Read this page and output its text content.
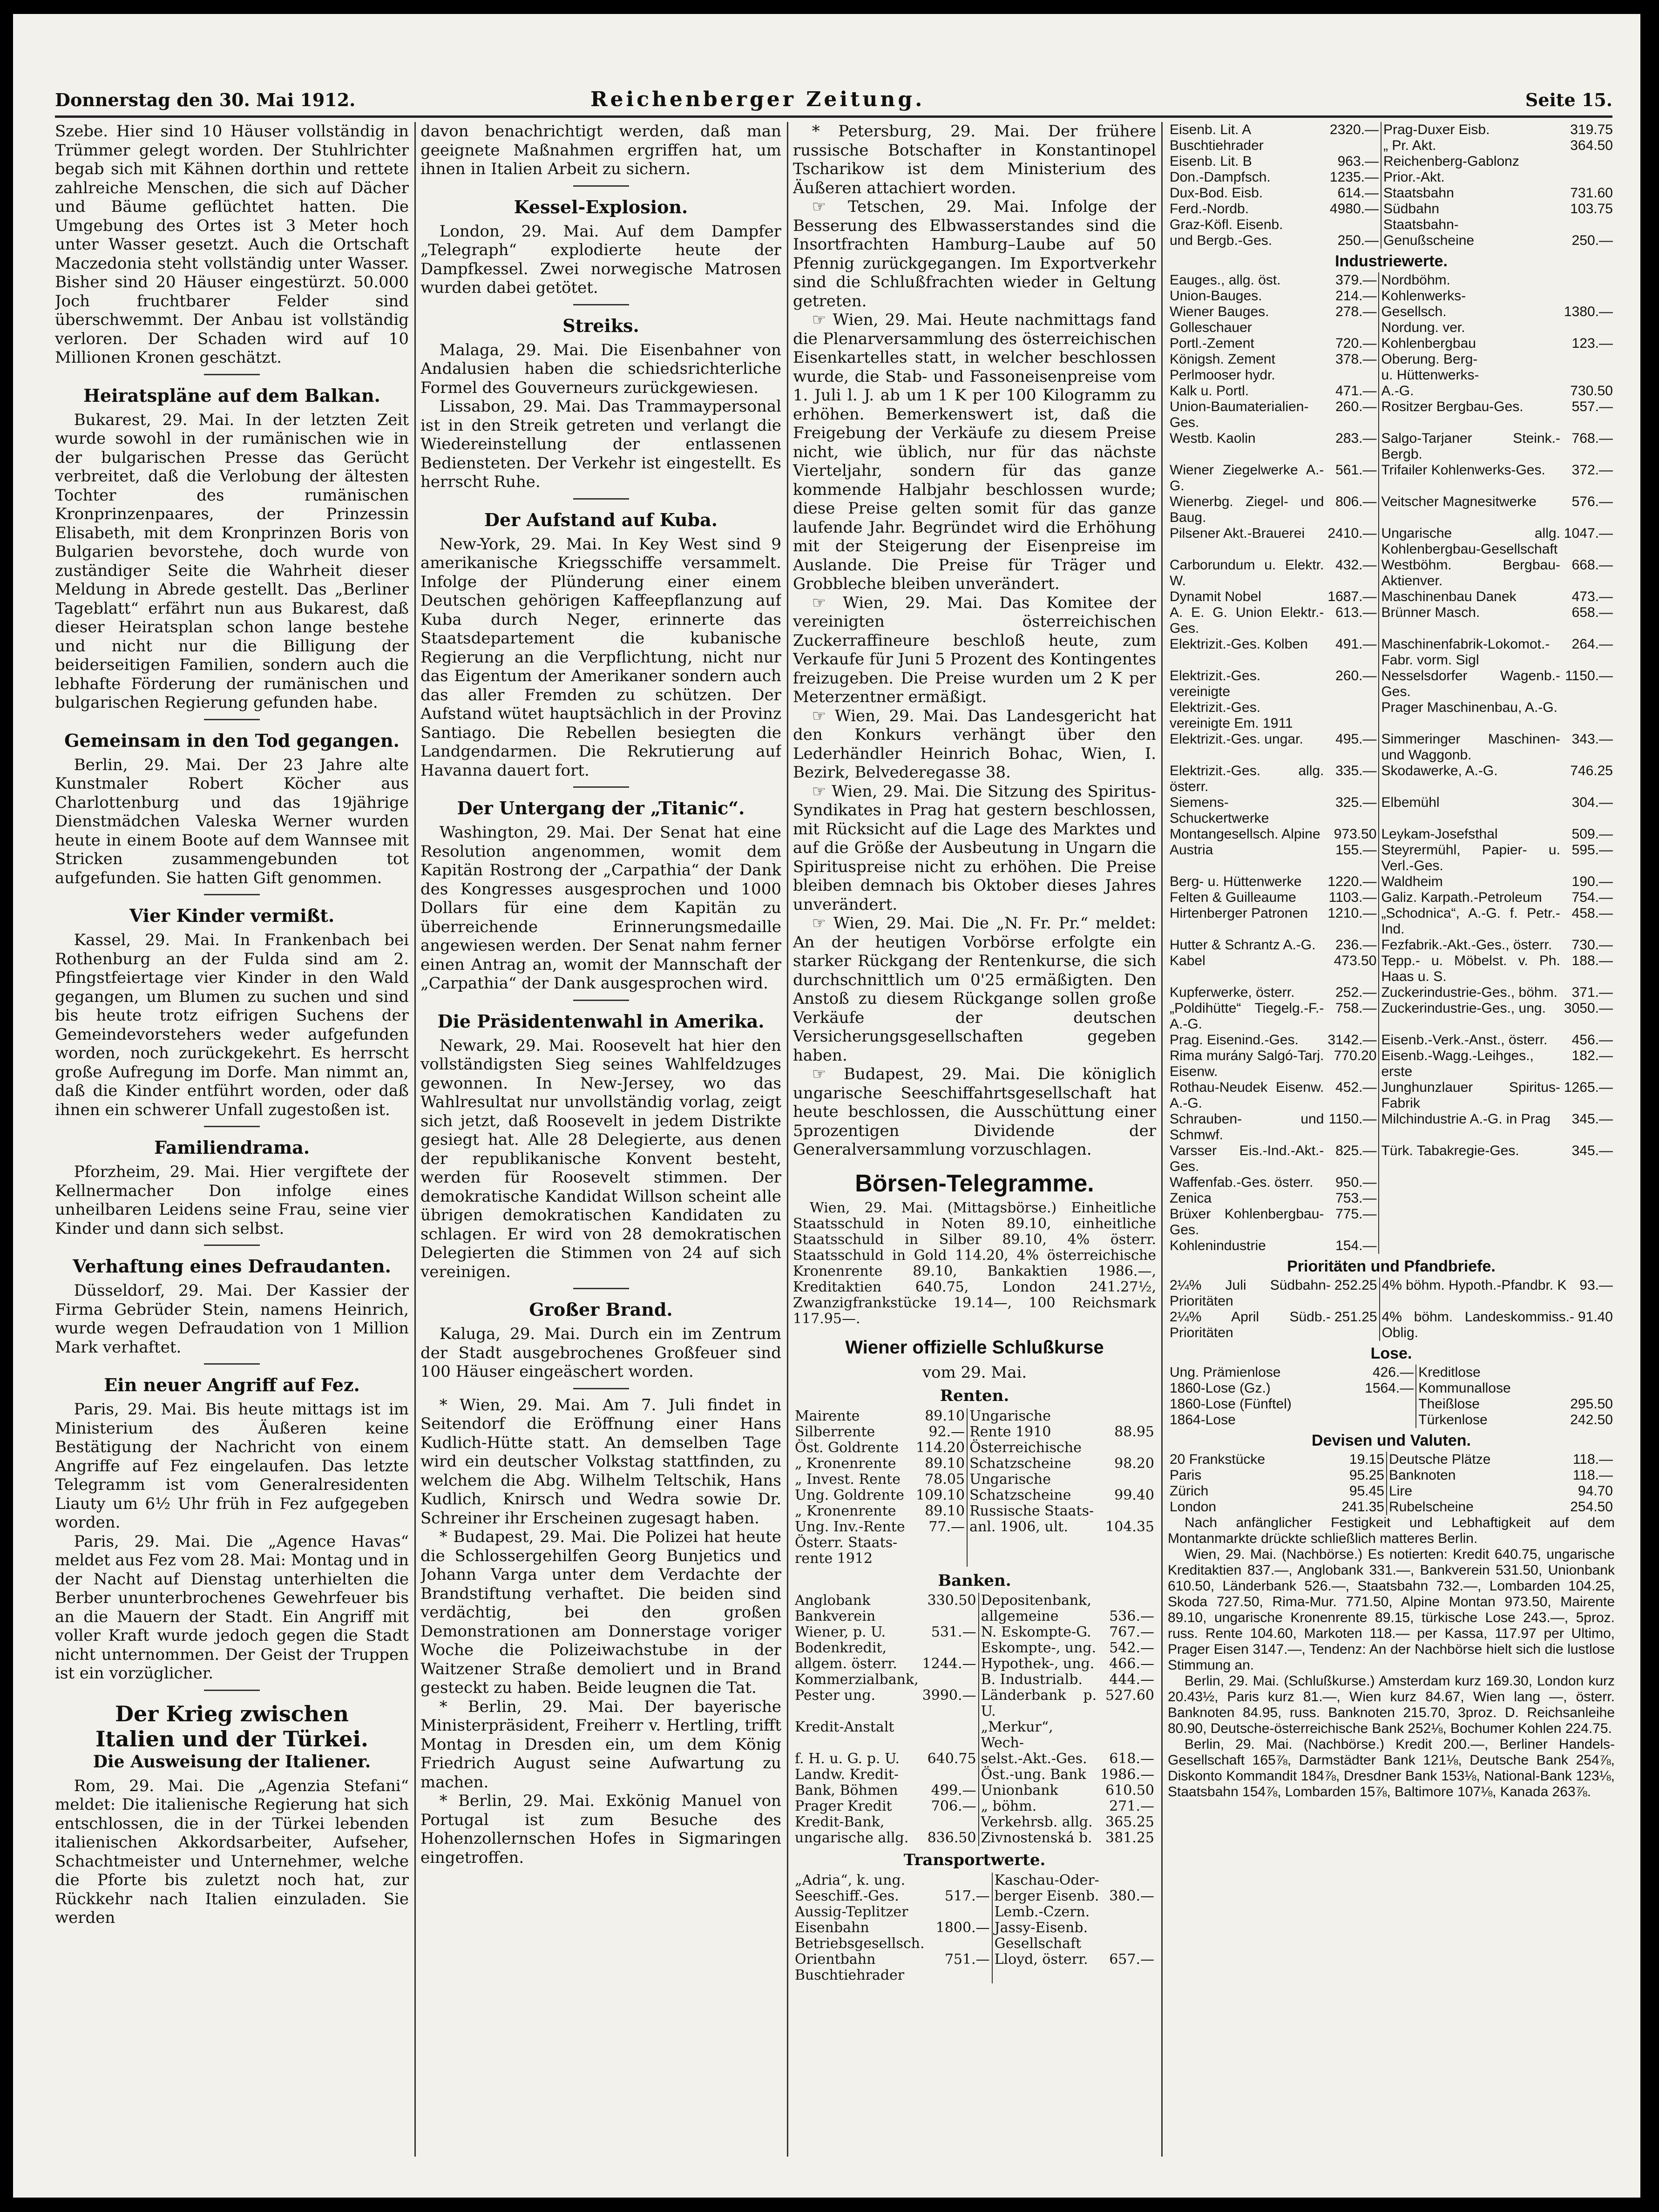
Donnerstag den 30. Mai 1912.	Reichenberger Zeitung.	Seite 15.

Szebe. Hier sind 10 Häuser vollständig in Trümmer gelegt worden. Der Stuhlrichter begab sich mit Kähnen dorthin und rettete zahlreiche Menschen, die sich auf Dächer und Bäume geflüchtet hatten. Die Umgebung des Ortes ist 3 Meter hoch unter Wasser gesetzt. Auch die Ortschaft Maczedonia steht vollständig unter Wasser. Bisher sind 20 Häuser eingestürzt. 50.000 Joch fruchtbarer Felder sind überschwemmt. Der Anbau ist vollständig verloren. Der Schaden wird auf 10 Millionen Kronen geschätzt.

Heiratspläne auf dem Balkan.

Bukarest, 29. Mai. In der letzten Zeit wurde sowohl in der rumänischen wie in der bulgarischen Presse das Gerücht verbreitet, daß die Verlobung der ältesten Tochter des rumänischen Kronprinzenpaares, der Prinzessin Elisabeth, mit dem Kronprinzen Boris von Bulgarien bevorstehe, doch wurde von zuständiger Seite die Wahrheit dieser Meldung in Abrede gestellt. Das „Berliner Tageblatt“ erfährt nun aus Bukarest, daß dieser Heiratsplan schon lange bestehe und nicht nur die Billigung der beiderseitigen Familien, sondern auch die lebhafte Förderung der rumänischen und bulgarischen Regierung gefunden habe.

Gemeinsam in den Tod gegangen.

Berlin, 29. Mai. Der 23 Jahre alte Kunstmaler Robert Köcher aus Charlottenburg und das 19jährige Dienstmädchen Valeska Werner wurden heute in einem Boote auf dem Wannsee mit Stricken zusammengebunden tot aufgefunden. Sie hatten Gift genommen.

Vier Kinder vermißt.

Kassel, 29. Mai. In Frankenbach bei Rothenburg an der Fulda sind am 2. Pfingstfeiertage vier Kinder in den Wald gegangen, um Blumen zu suchen und sind bis heute trotz eifrigen Suchens der Gemeindevorstehers weder aufgefunden worden, noch zurückgekehrt. Es herrscht große Aufregung im Dorfe. Man nimmt an, daß die Kinder entführt worden, oder daß ihnen ein schwerer Unfall zugestoßen ist.

Familiendrama.

Pforzheim, 29. Mai. Hier vergiftete der Kellnermacher Don infolge eines unheilbaren Leidens seine Frau, seine vier Kinder und dann sich selbst.

Verhaftung eines Defraudanten.

Düsseldorf, 29. Mai. Der Kassier der Firma Gebrüder Stein, namens Heinrich, wurde wegen Defraudation von 1 Million Mark verhaftet.

Ein neuer Angriff auf Fez.

Paris, 29. Mai. Bis heute mittags ist im Ministerium des Äußeren keine Bestätigung der Nachricht von einem Angriffe auf Fez eingelaufen. Das letzte Telegramm ist vom Generalresidenten Liauty um 6½ Uhr früh in Fez aufgegeben worden.

Paris, 29. Mai. Die „Agence Havas“ meldet aus Fez vom 28. Mai: Montag und in der Nacht auf Dienstag unterhielten die Berber ununterbrochenes Gewehrfeuer bis an die Mauern der Stadt. Ein Angriff mit voller Kraft wurde jedoch gegen die Stadt nicht unternommen. Der Geist der Truppen ist ein vorzüglicher.

Der Krieg zwischen
Italien und der Türkei.
Die Ausweisung der Italiener.

Rom, 29. Mai. Die „Agenzia Stefani“ meldet: Die italienische Regierung hat sich entschlossen, die in der Türkei lebenden italienischen Akkordsarbeiter, Aufseher, Schachtmeister und Unternehmer, welche die Pforte bis zuletzt noch hat, zur Rückkehr nach Italien einzuladen. Sie werden

davon benachrichtigt werden, daß man geeignete Maßnahmen ergriffen hat, um ihnen in Italien Arbeit zu sichern.

Kessel-Explosion.

London, 29. Mai. Auf dem Dampfer „Telegraph“ explodierte heute der Dampfkessel. Zwei norwegische Matrosen wurden dabei getötet.

Streiks.

Malaga, 29. Mai. Die Eisenbahner von Andalusien haben die schiedsrichterliche Formel des Gouverneurs zurückgewiesen.

Lissabon, 29. Mai. Das Trammaypersonal ist in den Streik getreten und verlangt die Wiedereinstellung der entlassenen Bediensteten. Der Verkehr ist eingestellt. Es herrscht Ruhe.

Der Aufstand auf Kuba.

New-York, 29. Mai. In Key West sind 9 amerikanische Kriegsschiffe versammelt. Infolge der Plünderung einer einem Deutschen gehörigen Kaffeepflanzung auf Kuba durch Neger, erinnerte das Staatsdepartement die kubanische Regierung an die Verpflichtung, nicht nur das Eigentum der Amerikaner sondern auch das aller Fremden zu schützen. Der Aufstand wütet hauptsächlich in der Provinz Santiago. Die Rebellen besiegten die Landgendarmen. Die Rekrutierung auf Havanna dauert fort.

Der Untergang der „Titanic“.

Washington, 29. Mai. Der Senat hat eine Resolution angenommen, womit dem Kapitän Rostrong der „Carpathia“ der Dank des Kongresses ausgesprochen und 1000 Dollars für eine dem Kapitän zu überreichende Erinnerungsmedaille angewiesen werden. Der Senat nahm ferner einen Antrag an, womit der Mannschaft der „Carpathia“ der Dank ausgesprochen wird.

Die Präsidentenwahl in Amerika.

Newark, 29. Mai. Roosevelt hat hier den vollständigsten Sieg seines Wahlfeldzuges gewonnen. In New-Jersey, wo das Wahlresultat nur unvollständig vorlag, zeigt sich jetzt, daß Roosevelt in jedem Distrikte gesiegt hat. Alle 28 Delegierte, aus denen der republikanische Konvent besteht, werden für Roosevelt stimmen. Der demokratische Kandidat Willson scheint alle übrigen demokratischen Kandidaten zu schlagen. Er wird von 28 demokratischen Delegierten die Stimmen von 24 auf sich vereinigen.

Großer Brand.

Kaluga, 29. Mai. Durch ein im Zentrum der Stadt ausgebrochenes Großfeuer sind 100 Häuser eingeäschert worden.

* Wien, 29. Mai. Am 7. Juli findet in Seitendorf die Eröffnung einer Hans Kudlich-Hütte statt. An demselben Tage wird ein deutscher Volkstag stattfinden, zu welchem die Abg. Wilhelm Teltschik, Hans Kudlich, Knirsch und Wedra sowie Dr. Schreiner ihr Erscheinen zugesagt haben.

* Budapest, 29. Mai. Die Polizei hat heute die Schlossergehilfen Georg Bunjetics und Johann Varga unter dem Verdachte der Brandstiftung verhaftet. Die beiden sind verdächtig, bei den großen Demonstrationen am Donnerstage voriger Woche die Polizeiwachstube in der Waitzener Straße demoliert und in Brand gesteckt zu haben. Beide leugnen die Tat.

* Berlin, 29. Mai. Der bayerische Ministerpräsident, Freiherr v. Hertling, trifft Montag in Dresden ein, um dem König Friedrich August seine Aufwartung zu machen.

* Berlin, 29. Mai. Exkönig Manuel von Portugal ist zum Besuche des Hohenzollernschen Hofes in Sigmaringen eingetroffen.

* Petersburg, 29. Mai. Der frühere russische Botschafter in Konstantinopel Tscharikow ist dem Ministerium des Äußeren attachiert worden.

☞ Tetschen, 29. Mai. Infolge der Besserung des Elbwasserstandes sind die Insortfrachten Hamburg–Laube auf 50 Pfennig zurückgegangen. Im Exportverkehr sind die Schlußfrachten wieder in Geltung getreten.

☞ Wien, 29. Mai. Heute nachmittags fand die Plenarversammlung des österreichischen Eisenkartelles statt, in welcher beschlossen wurde, die Stab- und Fassoneisenpreise vom 1. Juli l. J. ab um 1 K per 100 Kilogramm zu erhöhen. Bemerkenswert ist, daß die Freigebung der Verkäufe zu diesem Preise nicht, wie üblich, nur für das nächste Vierteljahr, sondern für das ganze kommende Halbjahr beschlossen wurde; diese Preise gelten somit für das ganze laufende Jahr. Begründet wird die Erhöhung mit der Steigerung der Eisenpreise im Auslande. Die Preise für Träger und Grobbleche bleiben unverändert.

☞ Wien, 29. Mai. Das Komitee der vereinigten österreichischen Zuckerraffineure beschloß heute, zum Verkaufe für Juni 5 Prozent des Kontingentes freizugeben. Die Preise wurden um 2 K per Meterzentner ermäßigt.

☞ Wien, 29. Mai. Das Landesgericht hat den Konkurs verhängt über den Lederhändler Heinrich Bohac, Wien, I. Bezirk, Belvederegasse 38.

☞ Wien, 29. Mai. Die Sitzung des Spiritus-Syndikates in Prag hat gestern beschlossen, mit Rücksicht auf die Lage des Marktes und auf die Größe der Ausbeutung in Ungarn die Spirituspreise nicht zu erhöhen. Die Preise bleiben demnach bis Oktober dieses Jahres unverändert.

☞ Wien, 29. Mai. Die „N. Fr. Pr.“ meldet: An der heutigen Vorbörse erfolgte ein starker Rückgang der Rentenkurse, die sich durchschnittlich um 0'25 ermäßigten. Den Anstoß zu diesem Rückgange sollen große Verkäufe der deutschen Versicherungsgesellschaften gegeben haben.

☞ Budapest, 29. Mai. Die königlich ungarische Seeschiffahrtsgesellschaft hat heute beschlossen, die Ausschüttung einer 5prozentigen Dividende der Generalversammlung vorzuschlagen.

Börsen-Telegramme.

Wien, 29. Mai. (Mittagsbörse.) Einheitliche Staatsschuld in Noten 89.10, einheitliche Staatsschuld in Silber 89.10, 4% österr. Staatsschuld in Gold 114.20, 4% österreichische Kronenrente 89.10, Bankaktien 1986.—, Kreditaktien 640.75, London 241.27½, Zwanzigfrankstücke 19.14—, 100 Reichsmark 117.95—.

Wiener offizielle Schlußkurse
vom 29. Mai.
Renten.
Mairente	89.10	Ungarische	
Silberrente	92.—	Rente 1910	88.95
Öst. Goldrente	114.20	Österreichische	
„ Kronenrente	89.10	Schatzscheine	98.20
„ Invest. Rente	78.05	Ungarische	
Ung. Goldrente	109.10	Schatzscheine	99.40
„ Kronenrente	89.10	Russische Staats-	
Ung. Inv.-Rente	77.—	anl. 1906, ult.	104.35
Österr. Staats-			
rente 1912			
Banken.
Anglobank	330.50	Depositenbank,	
Bankverein		allgemeine	536.—
Wiener, p. U.	531.—	N. Eskompte-G.	767.—
Bodenkredit,		Eskompte-, ung.	542.—
allgem. österr.	1244.—	Hypothek-, ung.	466.—
Kommerzialbank,		B. Industrialb.	444.—
Pester ung.	3990.—	Länderbank p. U.	527.60
Kredit-Anstalt		„Merkur“, Wech-	
f. H. u. G. p. U.	640.75	selst.-Akt.-Ges.	618.—
Landw. Kredit-		Öst.-ung. Bank	1986.—
Bank, Böhmen	499.—	Unionbank	610.50
Prager Kredit	706.—	„ böhm.	271.—
Kredit-Bank,		Verkehrsb. allg.	365.25
ungarische allg.	836.50	Zivnostenská b.	381.25
Transportwerte.
„Adria“, k. ung.		Kaschau-Oder-	
Seeschiff.-Ges.	517.—	berger Eisenb.	380.—
Aussig-Teplitzer		Lemb.-Czern.	
Eisenbahn	1800.—	Jassy-Eisenb.	
Betriebsgesellsch.		Gesellschaft	
Orientbahn	751.—	Lloyd, österr.	657.—
Buschtiehrader			
Eisenb. Lit. A	2320.—	Prag-Duxer Eisb.	319.75
Buschtiehrader		„ Pr. Akt.	364.50
Eisenb. Lit. B	963.—	Reichenberg-Gablonz	
Don.-Dampfsch.	1235.—	Prior.-Akt.	
Dux-Bod. Eisb.	614.—	Staatsbahn	731.60
Ferd.-Nordb.	4980.—	Südbahn	103.75
Graz-Köfl. Eisenb.		Staatsbahn-	
und Bergb.-Ges.	250.—	Genußscheine	250.—
Industriewerte.
Eauges., allg. öst.	379.—	Nordböhm.	
Union-Bauges.	214.—	Kohlenwerks-	
Wiener Bauges.	278.—	Gesellsch.	1380.—
Golleschauer		Nordung. ver.	
Portl.-Zement	720.—	Kohlenbergbau	123.—
Königsh. Zement	378.—	Oberung. Berg-	
Perlmooser hydr.		u. Hüttenwerks-	
Kalk u. Portl.	471.—	A.-G.	730.50
Union-Baumaterialien-Ges.	260.—	Rositzer Bergbau-Ges.	557.—
Westb. Kaolin	283.—	Salgo-Tarjaner Steink.-Bergb.	768.—
Wiener Ziegelwerke A.-G.	561.—	Trifailer Kohlenwerks-Ges.	372.—
Wienerbg. Ziegel- und Baug.	806.—	Veitscher Magnesitwerke	576.—
Pilsener Akt.-Brauerei	2410.—	Ungarische allg. Kohlenbergbau-Gesellschaft	1047.—
Carborundum u. Elektr. W.	432.—	Westböhm. Bergbau-Aktienver.	668.—
Dynamit Nobel	1687.—	Maschinenbau Danek	473.—
A. E. G. Union Elektr.-Ges.	613.—	Brünner Masch.	658.—
Elektrizit.-Ges. Kolben	491.—	Maschinenfabrik-Lokomot.-Fabr. vorm. Sigl	264.—
Elektrizit.-Ges. vereinigte	260.—	Nesselsdorfer Wagenb.-Ges.	1150.—
Elektrizit.-Ges. vereinigte Em. 1911		Prager Maschinenbau, A.-G.	
Elektrizit.-Ges. ungar.	495.—	Simmeringer Maschinen- und Waggonb.	343.—
Elektrizit.-Ges. allg. österr.	335.—	Skodawerke, A.-G.	746.25
Siemens-Schuckertwerke	325.—	Elbemühl	304.—
Montangesellsch. Alpine	973.50	Leykam-Josefsthal	509.—
Austria	155.—	Steyrermühl, Papier- u. Verl.-Ges.	595.—
Berg- u. Hüttenwerke	1220.—	Waldheim	190.—
Felten & Guilleaume	1103.—	Galiz. Karpath.-Petroleum	754.—
Hirtenberger Patronen	1210.—	„Schodnica“, A.-G. f. Petr.-Ind.	458.—
Hutter & Schrantz A.-G.	236.—	Fezfabrik.-Akt.-Ges., österr.	730.—
Kabel	473.50	Tepp.- u. Möbelst. v. Ph. Haas u. S.	188.—
Kupferwerke, österr.	252.—	Zuckerindustrie-Ges., böhm.	371.—
„Poldihütte“ Tiegelg.-F.-A.-G.	758.—	Zuckerindustrie-Ges., ung.	3050.—
Prag. Eisenind.-Ges.	3142.—	Eisenb.-Verk.-Anst., österr.	456.—
Rima murány Salgó-Tarj. Eisenw.	770.20	Eisenb.-Wagg.-Leihges., erste	182.—
Rothau-Neudek Eisenw. A.-G.	452.—	Junghunzlauer Spiritus-Fabrik	1265.—
Schrauben- und Schmwf.	1150.—	Milchindustrie A.-G. in Prag	345.—
Varsser Eis.-Ind.-Akt.-Ges.	825.—	Türk. Tabakregie-Ges.	345.—
Waffenfab.-Ges. österr.	950.—		
Zenica	753.—		
Brüxer Kohlenbergbau-Ges.	775.—		
Kohlenindustrie	154.—		
Prioritäten und Pfandbriefe.
2¼% Juli Südbahn-Prioritäten	252.25	4% böhm. Hypoth.-Pfandbr. K	93.—
2¼% April Südb.-Prioritäten	251.25	4% böhm. Landeskommiss.-Oblig.	91.40
Lose.
Ung. Prämienlose	426.—	Kreditlose	
1860-Lose (Gz.)	1564.—	Kommunallose	
1860-Lose (Fünftel)		Theißlose	295.50
1864-Lose		Türkenlose	242.50
Devisen und Valuten.
20 Frankstücke	19.15	Deutsche Plätze	118.—
Paris	95.25	Banknoten	118.—
Zürich	95.45	Lire	94.70
London	241.35	Rubelscheine	254.50

Nach anfänglicher Festigkeit und Lebhaftigkeit auf dem Montanmarkte drückte schließlich matteres Berlin.

Wien, 29. Mai. (Nachbörse.) Es notierten: Kredit 640.75, ungarische Kreditaktien 837.—, Anglobank 331.—, Bankverein 531.50, Unionbank 610.50, Länderbank 526.—, Staatsbahn 732.—, Lombarden 104.25, Skoda 727.50, Rima-Mur. 771.50, Alpine Montan 973.50, Mairente 89.10, ungarische Kronenrente 89.15, türkische Lose 243.—, 5proz. russ. Rente 104.60, Markoten 118.— per Kassa, 117.97 per Ultimo, Prager Eisen 3147.—, Tendenz: An der Nachbörse hielt sich die lustlose Stimmung an.

Berlin, 29. Mai. (Schlußkurse.) Amsterdam kurz 169.30, London kurz 20.43½, Paris kurz 81.—, Wien kurz 84.67, Wien lang —, österr. Banknoten 84.95, russ. Banknoten 215.70, 3proz. D. Reichsanleihe 80.90, Deutsche-österreichische Bank 252⅛, Bochumer Kohlen 224.75.

Berlin, 29. Mai. (Nachbörse.) Kredit 200.—, Berliner Handels-Gesellschaft 165⅞, Darmstädter Bank 121⅛, Deutsche Bank 254⅞, Diskonto Kommandit 184⅞, Dresdner Bank 153⅛, National-Bank 123⅛, Staatsbahn 154⅞, Lombarden 15⅞, Baltimore 107⅛, Kanada 263⅞.
